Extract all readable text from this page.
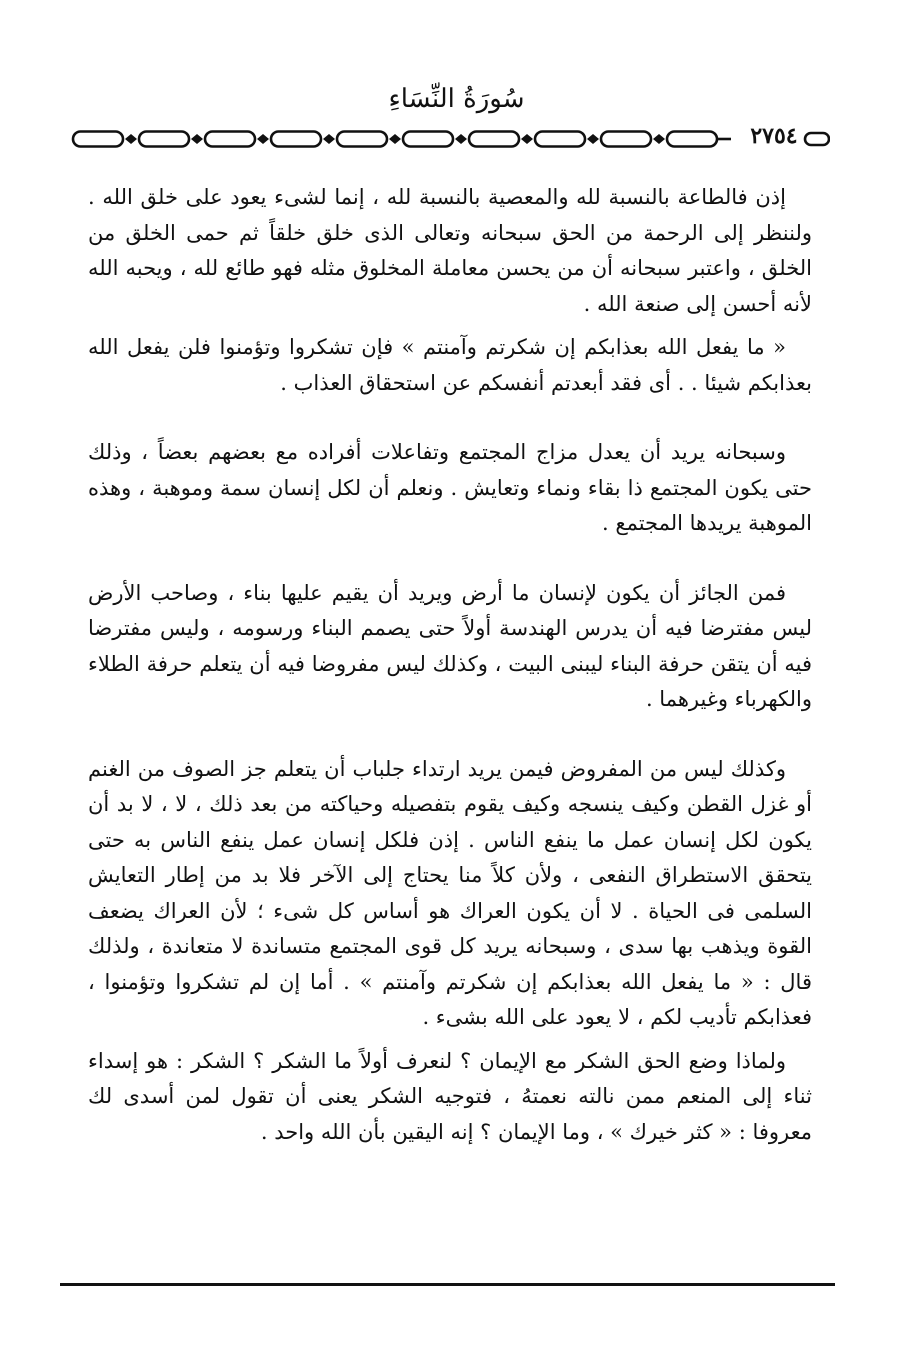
سُورَةُ النِّسَاءِ
٢٧٥٤

إذن فالطاعة بالنسبة لله والمعصية بالنسبة لله ، إنما لشىء يعود على خلق الله . ولننظر إلى الرحمة من الحق سبحانه وتعالى الذى خلق خلقاً ثم حمى الخلق من الخلق ، واعتبر سبحانه أن من يحسن معاملة المخلوق مثله فهو طائع لله ، ويحبه الله لأنه أحسن إلى صنعة الله .

« ما يفعل الله بعذابكم إن شكرتم وآمنتم » فإن تشكروا وتؤمنوا فلن يفعل الله بعذابكم شيئا . . أى فقد أبعدتم أنفسكم عن استحقاق العذاب .

وسبحانه يريد أن يعدل مزاج المجتمع وتفاعلات أفراده مع بعضهم بعضاً ، وذلك حتى يكون المجتمع ذا بقاء ونماء وتعايش . ونعلم أن لكل إنسان سمة وموهبة ، وهذه الموهبة يريدها المجتمع .

فمن الجائز أن يكون لإنسان ما أرض ويريد أن يقيم عليها بناء ، وصاحب الأرض ليس مفترضا فيه أن يدرس الهندسة أولاً حتى يصمم البناء ورسومه ، وليس مفترضا فيه أن يتقن حرفة البناء ليبنى البيت ، وكذلك ليس مفروضا فيه أن يتعلم حرفة الطلاء والكهرباء وغيرهما .

وكذلك ليس من المفروض فيمن يريد ارتداء جلباب أن يتعلم جز الصوف من الغنم أو غزل القطن وكيف ينسجه وكيف يقوم بتفصيله وحياكته من بعد ذلك ، لا ، لا بد أن يكون لكل إنسان عمل ما ينفع الناس . إذن فلكل إنسان عمل ينفع الناس به حتى يتحقق الاستطراق النفعى ، ولأن كلاً منا يحتاج إلى الآخر فلا بد من إطار التعايش السلمى فى الحياة . لا أن يكون العراك هو أساس كل شىء ؛ لأن العراك يضعف القوة ويذهب بها سدى ، وسبحانه يريد كل قوى المجتمع متساندة لا متعاندة ، ولذلك قال : « ما يفعل الله بعذابكم إن شكرتم وآمنتم » . أما إن لم تشكروا وتؤمنوا ، فعذابكم تأديب لكم ، لا يعود على الله بشىء .

ولماذا وضع الحق الشكر مع الإيمان ؟ لنعرف أولاً ما الشكر ؟ الشكر : هو إسداء ثناء إلى المنعم ممن نالته نعمتهُ ، فتوجيه الشكر يعنى أن تقول لمن أسدى لك معروفا : « كثر خيرك » ، وما الإيمان ؟ إنه اليقين بأن الله واحد .
